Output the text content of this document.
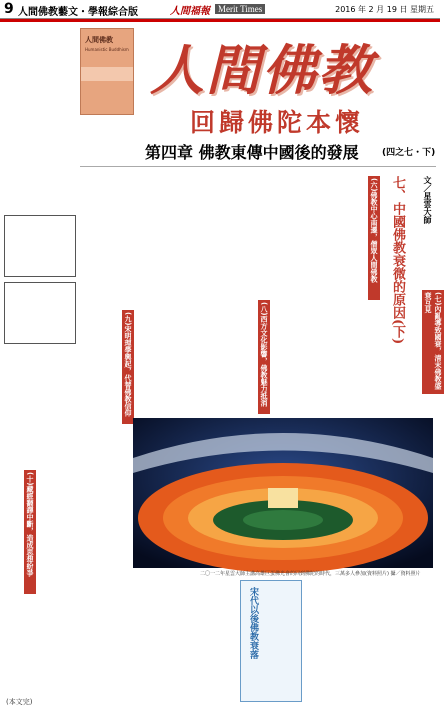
9 人間佛教藝文・學報綜合版	人間福報 Merit Times	2016 年 2 月 19 日 星期五
人間佛教
Humanistic Buddhism 人間佛教
回歸佛陀本懷
第四章 佛教東傳中國後的發展	(四之七・下)
文／星雲大師
七、中國佛教衰微的原因(下)	(七)內亂導致國衰，清末佛教盛衰互見
(六)佛教中心南遷，僧眾人間佛教
(八)西方文化影響，佛教魅力抵消
(九)宋明理學興起，代替佛教信仰
(十)藏經翻譯中斷，造成思想紛爭	二〇一二年星雲大師主講高雄巨蛋佛光會的回到佛陀的時代，三萬多人參加(資料照片) 攝／資料照片
宋代以後佛教衰落
(本文完)
